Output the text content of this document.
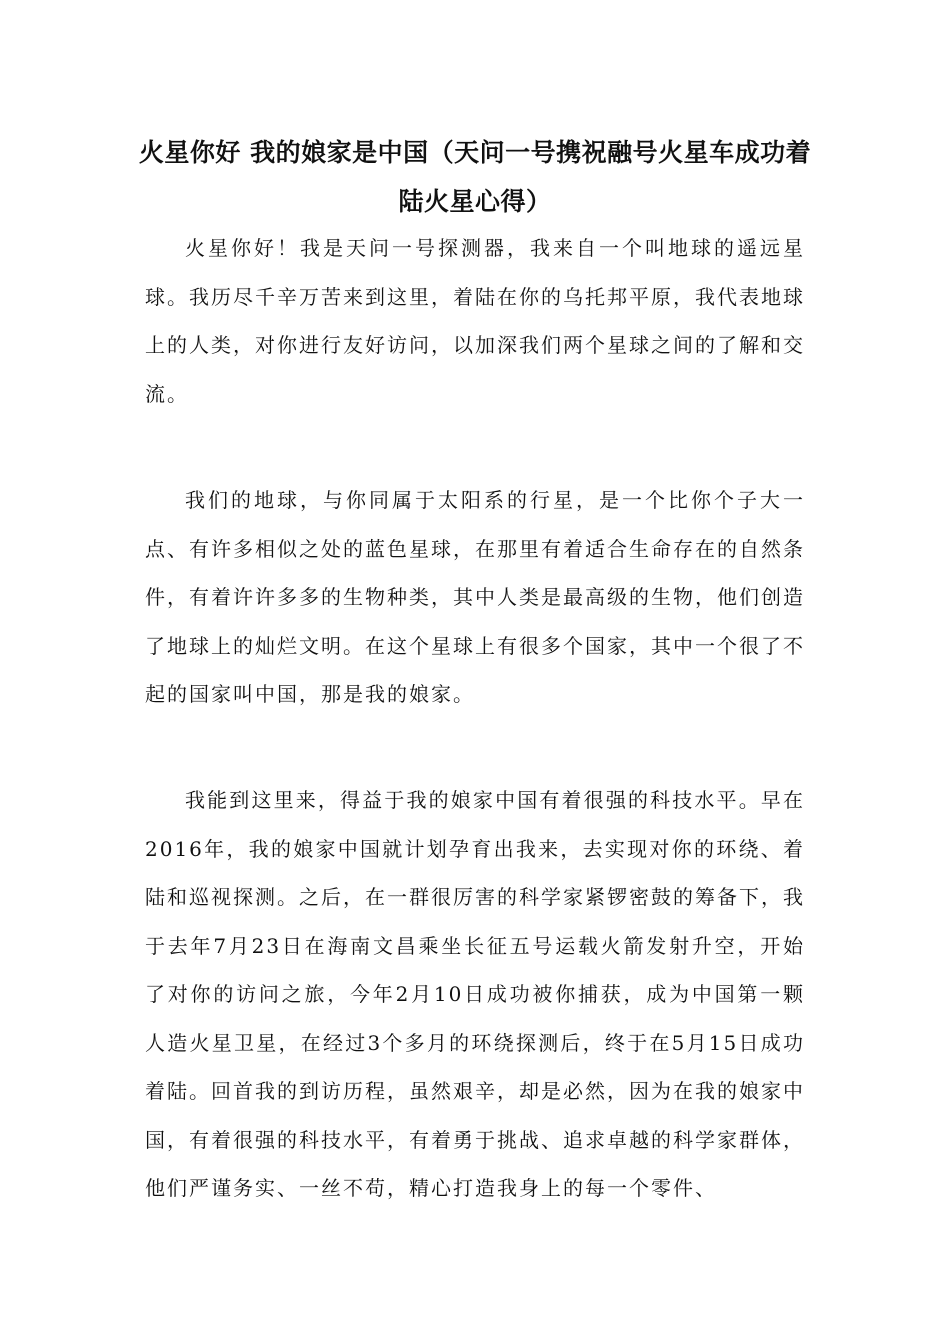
火星你好 我的娘家是中国（天问一号携祝融号火星车成功着陆火星心得）

火星你好！我是天问一号探测器，我来自一个叫地球的遥远星球。我历尽千辛万苦来到这里，着陆在你的乌托邦平原，我代表地球上的人类，对你进行友好访问，以加深我们两个星球之间的了解和交流。

我们的地球，与你同属于太阳系的行星，是一个比你个子大一点、有许多相似之处的蓝色星球，在那里有着适合生命存在的自然条件，有着许许多多的生物种类，其中人类是最高级的生物，他们创造了地球上的灿烂文明。在这个星球上有很多个国家，其中一个很了不起的国家叫中国，那是我的娘家。

我能到这里来，得益于我的娘家中国有着很强的科技水平。早在2016年，我的娘家中国就计划孕育出我来，去实现对你的环绕、着陆和巡视探测。之后，在一群很厉害的科学家紧锣密鼓的筹备下，我于去年7月23日在海南文昌乘坐长征五号运载火箭发射升空，开始了对你的访问之旅，今年2月10日成功被你捕获，成为中国第一颗人造火星卫星，在经过3个多月的环绕探测后，终于在5月15日成功着陆。回首我的到访历程，虽然艰辛，却是必然，因为在我的娘家中国，有着很强的科技水平，有着勇于挑战、追求卓越的科学家群体，他们严谨务实、一丝不苟，精心打造我身上的每一个零件、
